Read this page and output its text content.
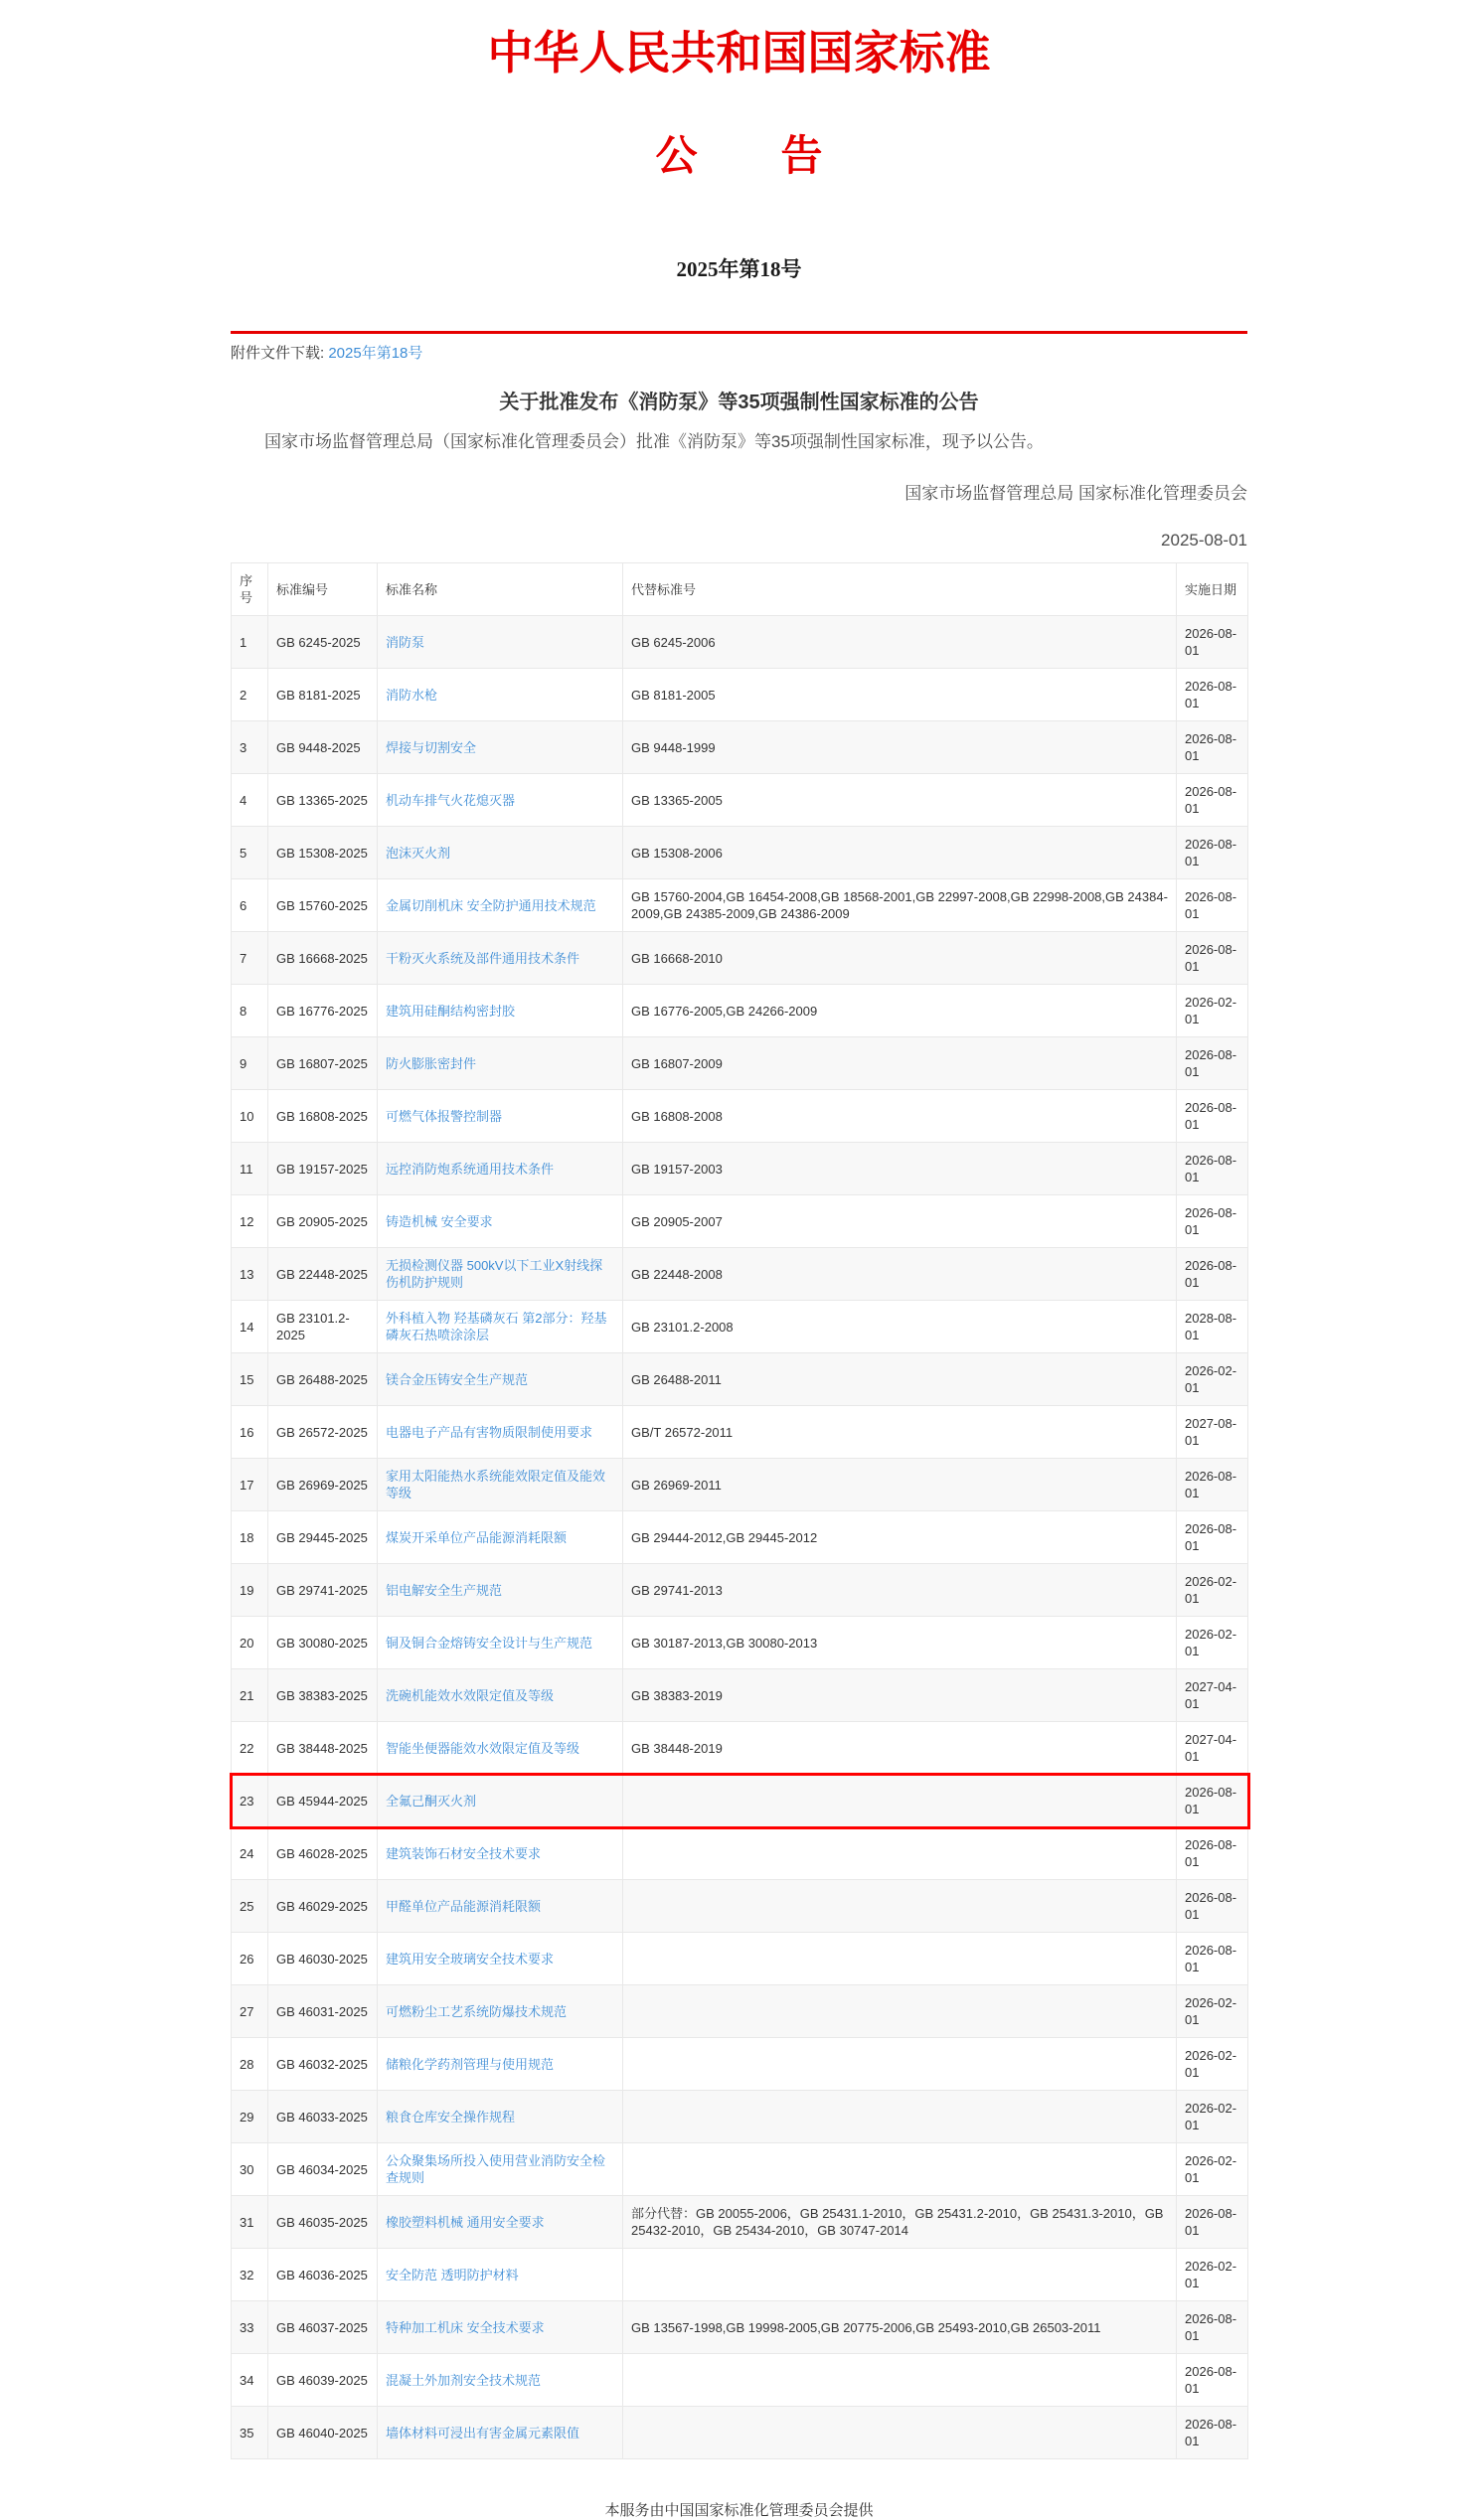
中华人民共和国国家标准
公　　告
2025年第18号
附件文件下载: 2025年第18号
关于批准发布《消防泵》等35项强制性国家标准的公告

国家市场监督管理总局（国家标准化管理委员会）批准《消防泵》等35项强制性国家标准，现予以公告。

国家市场监督管理总局 国家标准化管理委员会
2025-08-01
序号	标准编号	标准名称	代替标准号	实施日期
1	GB 6245-2025	消防泵	GB 6245-2006	2026-08-01
2	GB 8181-2025	消防水枪	GB 8181-2005	2026-08-01
3	GB 9448-2025	焊接与切割安全	GB 9448-1999	2026-08-01
4	GB 13365-2025	机动车排气火花熄灭器	GB 13365-2005	2026-08-01
5	GB 15308-2025	泡沫灭火剂	GB 15308-2006	2026-08-01
6	GB 15760-2025	金属切削机床 安全防护通用技术规范	GB 15760-2004,GB 16454-2008,GB 18568-2001,GB 22997-2008,GB 22998-2008,GB 24384-2009,GB 24385-2009,GB 24386-2009	2026-08-01
7	GB 16668-2025	干粉灭火系统及部件通用技术条件	GB 16668-2010	2026-08-01
8	GB 16776-2025	建筑用硅酮结构密封胶	GB 16776-2005,GB 24266-2009	2026-02-01
9	GB 16807-2025	防火膨胀密封件	GB 16807-2009	2026-08-01
10	GB 16808-2025	可燃气体报警控制器	GB 16808-2008	2026-08-01
11	GB 19157-2025	远控消防炮系统通用技术条件	GB 19157-2003	2026-08-01
12	GB 20905-2025	铸造机械 安全要求	GB 20905-2007	2026-08-01
13	GB 22448-2025	无损检测仪器 500kV以下工业X射线探伤机防护规则	GB 22448-2008	2026-08-01
14	GB 23101.2-2025	外科植入物 羟基磷灰石 第2部分：羟基磷灰石热喷涂涂层	GB 23101.2-2008	2028-08-01
15	GB 26488-2025	镁合金压铸安全生产规范	GB 26488-2011	2026-02-01
16	GB 26572-2025	电器电子产品有害物质限制使用要求	GB/T 26572-2011	2027-08-01
17	GB 26969-2025	家用太阳能热水系统能效限定值及能效等级	GB 26969-2011	2026-08-01
18	GB 29445-2025	煤炭开采单位产品能源消耗限额	GB 29444-2012,GB 29445-2012	2026-08-01
19	GB 29741-2025	铝电解安全生产规范	GB 29741-2013	2026-02-01
20	GB 30080-2025	铜及铜合金熔铸安全设计与生产规范	GB 30187-2013,GB 30080-2013	2026-02-01
21	GB 38383-2025	洗碗机能效水效限定值及等级	GB 38383-2019	2027-04-01
22	GB 38448-2025	智能坐便器能效水效限定值及等级	GB 38448-2019	2027-04-01
23	GB 45944-2025	全氟己酮灭火剂		2026-08-01
24	GB 46028-2025	建筑装饰石材安全技术要求		2026-08-01
25	GB 46029-2025	甲醛单位产品能源消耗限额		2026-08-01
26	GB 46030-2025	建筑用安全玻璃安全技术要求		2026-08-01
27	GB 46031-2025	可燃粉尘工艺系统防爆技术规范		2026-02-01
28	GB 46032-2025	储粮化学药剂管理与使用规范		2026-02-01
29	GB 46033-2025	粮食仓库安全操作规程		2026-02-01
30	GB 46034-2025	公众聚集场所投入使用营业消防安全检查规则		2026-02-01
31	GB 46035-2025	橡胶塑料机械 通用安全要求	部分代替：GB 20055-2006，GB 25431.1-2010，GB 25431.2-2010，GB 25431.3-2010，GB 25432-2010，GB 25434-2010，GB 30747-2014	2026-08-01
32	GB 46036-2025	安全防范 透明防护材料		2026-02-01
33	GB 46037-2025	特种加工机床 安全技术要求	GB 13567-1998,GB 19998-2005,GB 20775-2006,GB 25493-2010,GB 26503-2011	2026-08-01
34	GB 46039-2025	混凝土外加剂安全技术规范		2026-08-01
35	GB 46040-2025	墙体材料可浸出有害金属元素限值		2026-08-01
本服务由中国国家标准化管理委员会提供
